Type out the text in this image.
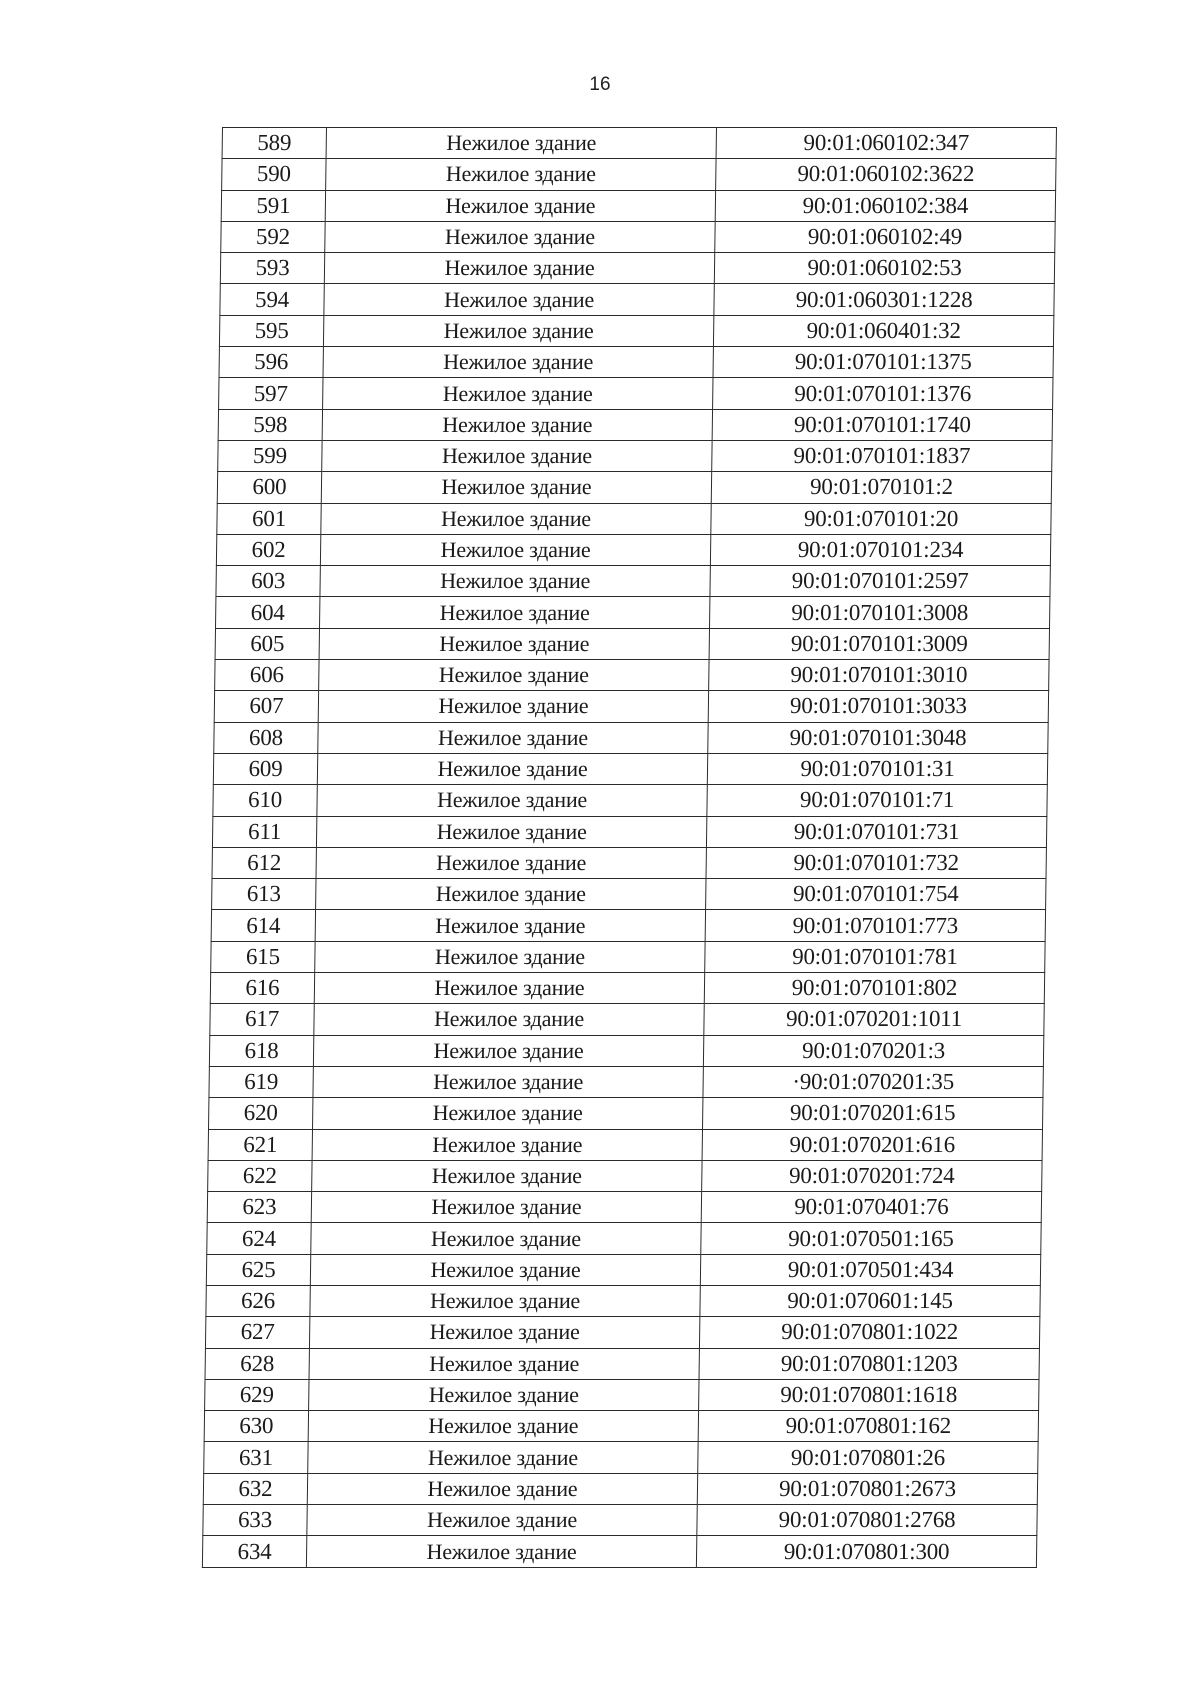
16
589	Нежилое здание	90:01:060102:347
590	Нежилое здание	90:01:060102:3622
591	Нежилое здание	90:01:060102:384
592	Нежилое здание	90:01:060102:49
593	Нежилое здание	90:01:060102:53
594	Нежилое здание	90:01:060301:1228
595	Нежилое здание	90:01:060401:32
596	Нежилое здание	90:01:070101:1375
597	Нежилое здание	90:01:070101:1376
598	Нежилое здание	90:01:070101:1740
599	Нежилое здание	90:01:070101:1837
600	Нежилое здание	90:01:070101:2
601	Нежилое здание	90:01:070101:20
602	Нежилое здание	90:01:070101:234
603	Нежилое здание	90:01:070101:2597
604	Нежилое здание	90:01:070101:3008
605	Нежилое здание	90:01:070101:3009
606	Нежилое здание	90:01:070101:3010
607	Нежилое здание	90:01:070101:3033
608	Нежилое здание	90:01:070101:3048
609	Нежилое здание	90:01:070101:31
610	Нежилое здание	90:01:070101:71
611	Нежилое здание	90:01:070101:731
612	Нежилое здание	90:01:070101:732
613	Нежилое здание	90:01:070101:754
614	Нежилое здание	90:01:070101:773
615	Нежилое здание	90:01:070101:781
616	Нежилое здание	90:01:070101:802
617	Нежилое здание	90:01:070201:1011
618	Нежилое здание	90:01:070201:3
619	Нежилое здание	·90:01:070201:35
620	Нежилое здание	90:01:070201:615
621	Нежилое здание	90:01:070201:616
622	Нежилое здание	90:01:070201:724
623	Нежилое здание	90:01:070401:76
624	Нежилое здание	90:01:070501:165
625	Нежилое здание	90:01:070501:434
626	Нежилое здание	90:01:070601:145
627	Нежилое здание	90:01:070801:1022
628	Нежилое здание	90:01:070801:1203
629	Нежилое здание	90:01:070801:1618
630	Нежилое здание	90:01:070801:162
631	Нежилое здание	90:01:070801:26
632	Нежилое здание	90:01:070801:2673
633	Нежилое здание	90:01:070801:2768
634	Нежилое здание	90:01:070801:300
